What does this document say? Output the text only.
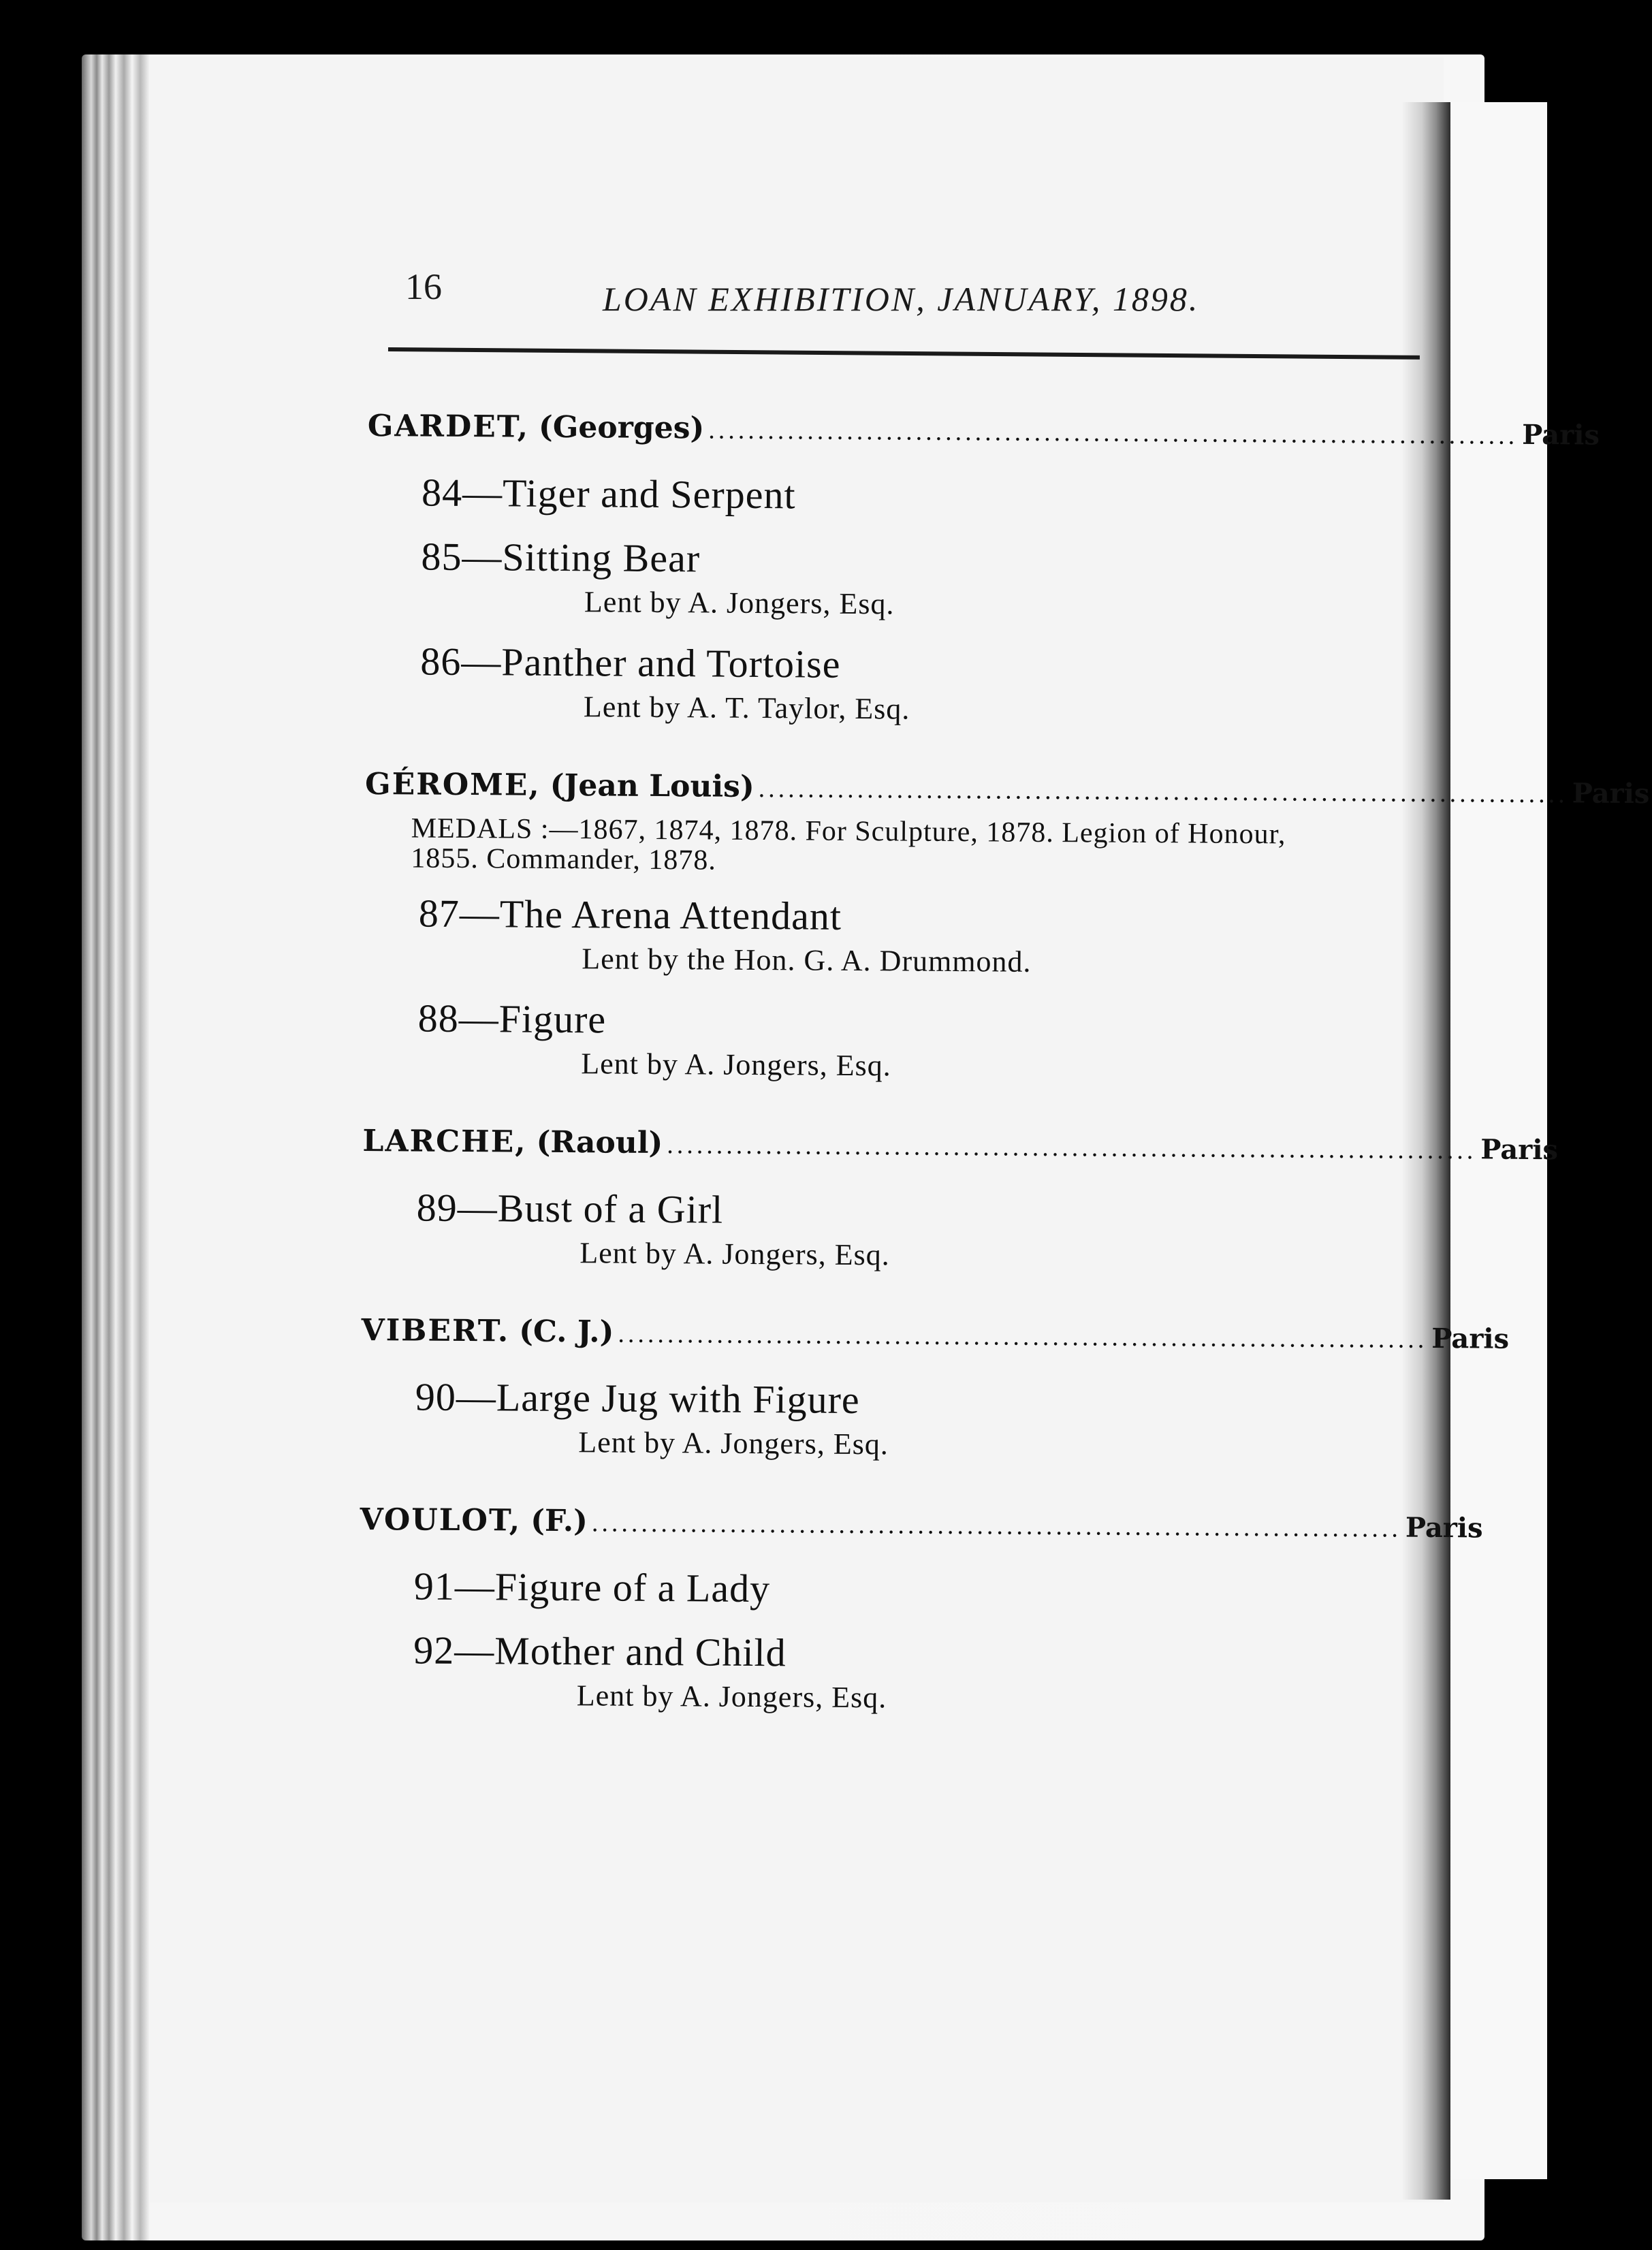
16	LOAN EXHIBITION, JANUARY, 1898.
GARDET, (Georges) .................................................................................. Paris
84—Tiger and Serpent
85—Sitting Bear
Lent by A. Jongers, Esq.
86—Panther and Tortoise
Lent by A. T. Taylor, Esq.
GÉROME, (Jean Louis) .................................................................................. Paris
MEDALS :—1867, 1874, 1878. For Sculpture, 1878. Legion of Honour, 1855. Commander, 1878.
87—The Arena Attendant
Lent by the Hon. G. A. Drummond.
88—Figure
Lent by A. Jongers, Esq.
LARCHE, (Raoul) .................................................................................. Paris
89—Bust of a Girl
Lent by A. Jongers, Esq.
VIBERT. (C. J.) .................................................................................. Paris
90—Large Jug with Figure
Lent by A. Jongers, Esq.
VOULOT, (F.) .................................................................................. Paris
91—Figure of a Lady
92—Mother and Child
Lent by A. Jongers, Esq.
